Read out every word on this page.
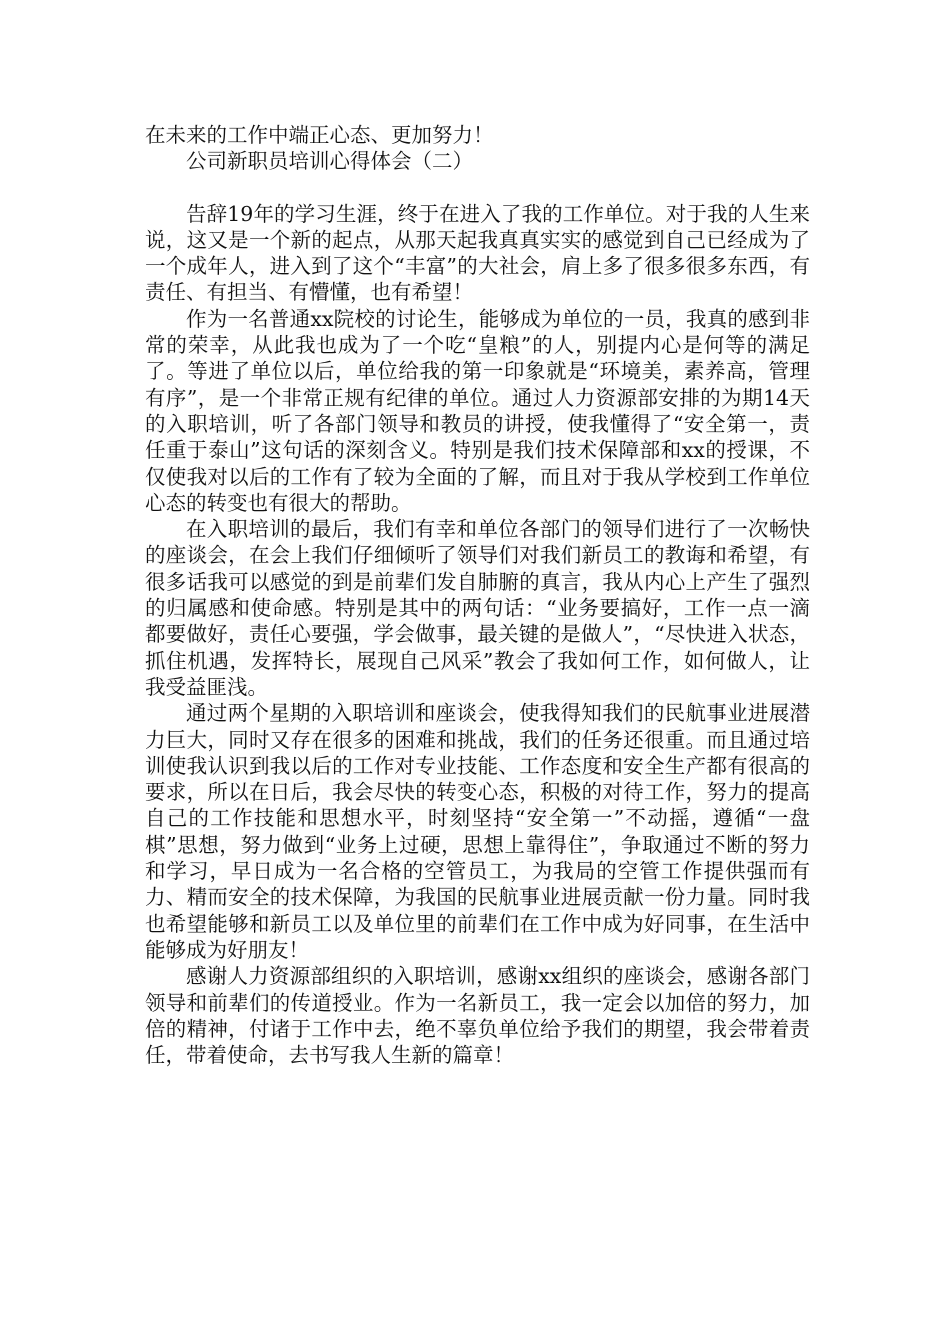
在未来的工作中端正心态、更加努力！

公司新职员培训心得体会（二）

告辞19年的学习生涯，终于在进入了我的工作单位。对于我的人生来说，这又是一个新的起点，从那天起我真真实实的感觉到自己已经成为了一个成年人，进入到了这个“丰富”的大社会，肩上多了很多很多东西，有责任、有担当、有懵懂，也有希望！

作为一名普通xx院校的讨论生，能够成为单位的一员，我真的感到非常的荣幸，从此我也成为了一个吃“皇粮”的人，别提内心是何等的满足了。等进了单位以后，单位给我的第一印象就是“环境美，素养高，管理有序”，是一个非常正规有纪律的单位。通过人力资源部安排的为期14天的入职培训，听了各部门领导和教员的讲授，使我懂得了“安全第一，责任重于泰山”这句话的深刻含义。特别是我们技术保障部和xx的授课，不仅使我对以后的工作有了较为全面的了解，而且对于我从学校到工作单位心态的转变也有很大的帮助。

在入职培训的最后，我们有幸和单位各部门的领导们进行了一次畅快的座谈会，在会上我们仔细倾听了领导们对我们新员工的教诲和希望，有很多话我可以感觉的到是前辈们发自肺腑的真言，我从内心上产生了强烈的归属感和使命感。特别是其中的两句话：“业务要搞好，工作一点一滴都要做好，责任心要强，学会做事，最关键的是做人”，“尽快进入状态，抓住机遇，发挥特长，展现自己风采”教会了我如何工作，如何做人，让我受益匪浅。

通过两个星期的入职培训和座谈会，使我得知我们的民航事业进展潜力巨大，同时又存在很多的困难和挑战，我们的任务还很重。而且通过培训使我认识到我以后的工作对专业技能、工作态度和安全生产都有很高的要求，所以在日后，我会尽快的转变心态，积极的对待工作，努力的提高自己的工作技能和思想水平，时刻坚持“安全第一”不动摇，遵循“一盘棋”思想，努力做到“业务上过硬，思想上靠得住”，争取通过不断的努力和学习，早日成为一名合格的空管员工，为我局的空管工作提供强而有力、精而安全的技术保障，为我国的民航事业进展贡献一份力量。同时我也希望能够和新员工以及单位里的前辈们在工作中成为好同事，在生活中能够成为好朋友！

感谢人力资源部组织的入职培训，感谢xx组织的座谈会，感谢各部门领导和前辈们的传道授业。作为一名新员工，我一定会以加倍的努力，加倍的精神，付诸于工作中去，绝不辜负单位给予我们的期望，我会带着责任，带着使命，去书写我人生新的篇章！
